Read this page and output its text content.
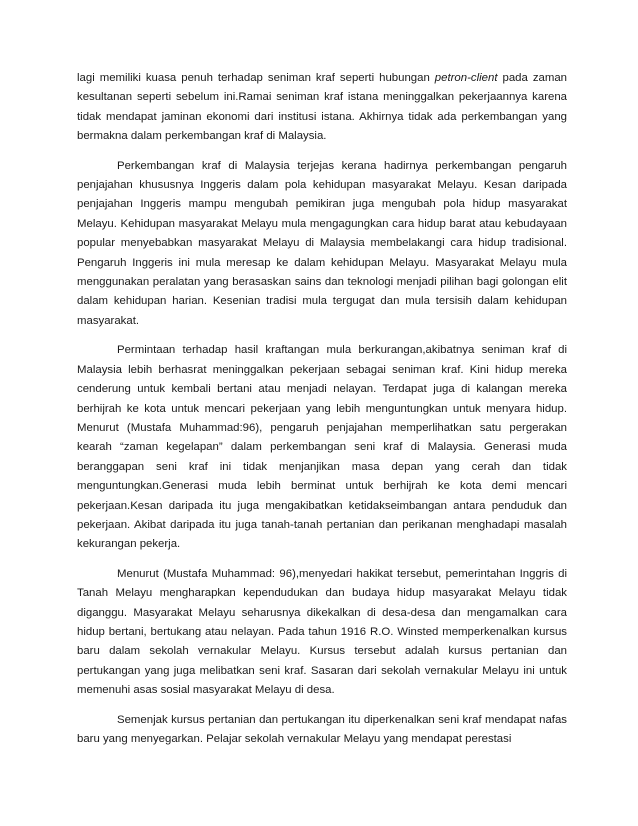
lagi memiliki kuasa penuh terhadap seniman kraf seperti hubungan petron-client pada zaman kesultanan seperti sebelum ini.Ramai seniman kraf istana meninggalkan pekerjaannya karena tidak mendapat jaminan ekonomi dari institusi istana. Akhirnya tidak ada perkembangan yang bermakna dalam perkembangan kraf di Malaysia.

Perkembangan kraf di Malaysia terjejas kerana hadirnya perkembangan pengaruh penjajahan khususnya Inggeris dalam pola kehidupan masyarakat Melayu. Kesan daripada penjajahan Inggeris mampu mengubah pemikiran juga mengubah pola hidup masyarakat Melayu. Kehidupan masyarakat Melayu mula mengagungkan cara hidup barat atau kebudayaan popular menyebabkan masyarakat Melayu di Malaysia membelakangi cara hidup tradisional. Pengaruh Inggeris ini mula meresap ke dalam kehidupan Melayu. Masyarakat Melayu mula menggunakan peralatan yang berasaskan sains dan teknologi menjadi pilihan bagi golongan elit dalam kehidupan harian. Kesenian tradisi mula tergugat dan mula tersisih dalam kehidupan masyarakat.

Permintaan terhadap hasil kraftangan mula berkurangan,akibatnya seniman kraf di Malaysia lebih berhasrat meninggalkan pekerjaan sebagai seniman kraf. Kini hidup mereka cenderung untuk kembali bertani atau menjadi nelayan. Terdapat juga di kalangan mereka berhijrah ke kota untuk mencari pekerjaan yang lebih menguntungkan untuk menyara hidup. Menurut (Mustafa Muhammad:96), pengaruh penjajahan memperlihatkan satu pergerakan kearah “zaman kegelapan” dalam perkembangan seni kraf di Malaysia. Generasi muda beranggapan seni kraf ini tidak menjanjikan masa depan yang cerah dan tidak menguntungkan.Generasi muda lebih berminat untuk berhijrah ke kota demi mencari pekerjaan.Kesan daripada itu juga mengakibatkan ketidakseimbangan antara penduduk dan pekerjaan. Akibat daripada itu juga tanah-tanah pertanian dan perikanan menghadapi masalah kekurangan pekerja.

Menurut (Mustafa Muhammad: 96),menyedari hakikat tersebut, pemerintahan Inggris di Tanah Melayu mengharapkan kependudukan dan budaya hidup masyarakat Melayu tidak diganggu. Masyarakat Melayu seharusnya dikekalkan di desa-desa dan mengamalkan cara hidup bertani, bertukang atau nelayan. Pada tahun 1916 R.O. Winsted memperkenalkan kursus baru dalam sekolah vernakular Melayu. Kursus tersebut adalah kursus pertanian dan pertukangan yang juga melibatkan seni kraf. Sasaran dari sekolah vernakular Melayu ini untuk memenuhi asas sosial masyarakat Melayu di desa.

Semenjak kursus pertanian dan pertukangan itu diperkenalkan seni kraf mendapat nafas baru yang menyegarkan. Pelajar sekolah vernakular Melayu yang mendapat perestasi
